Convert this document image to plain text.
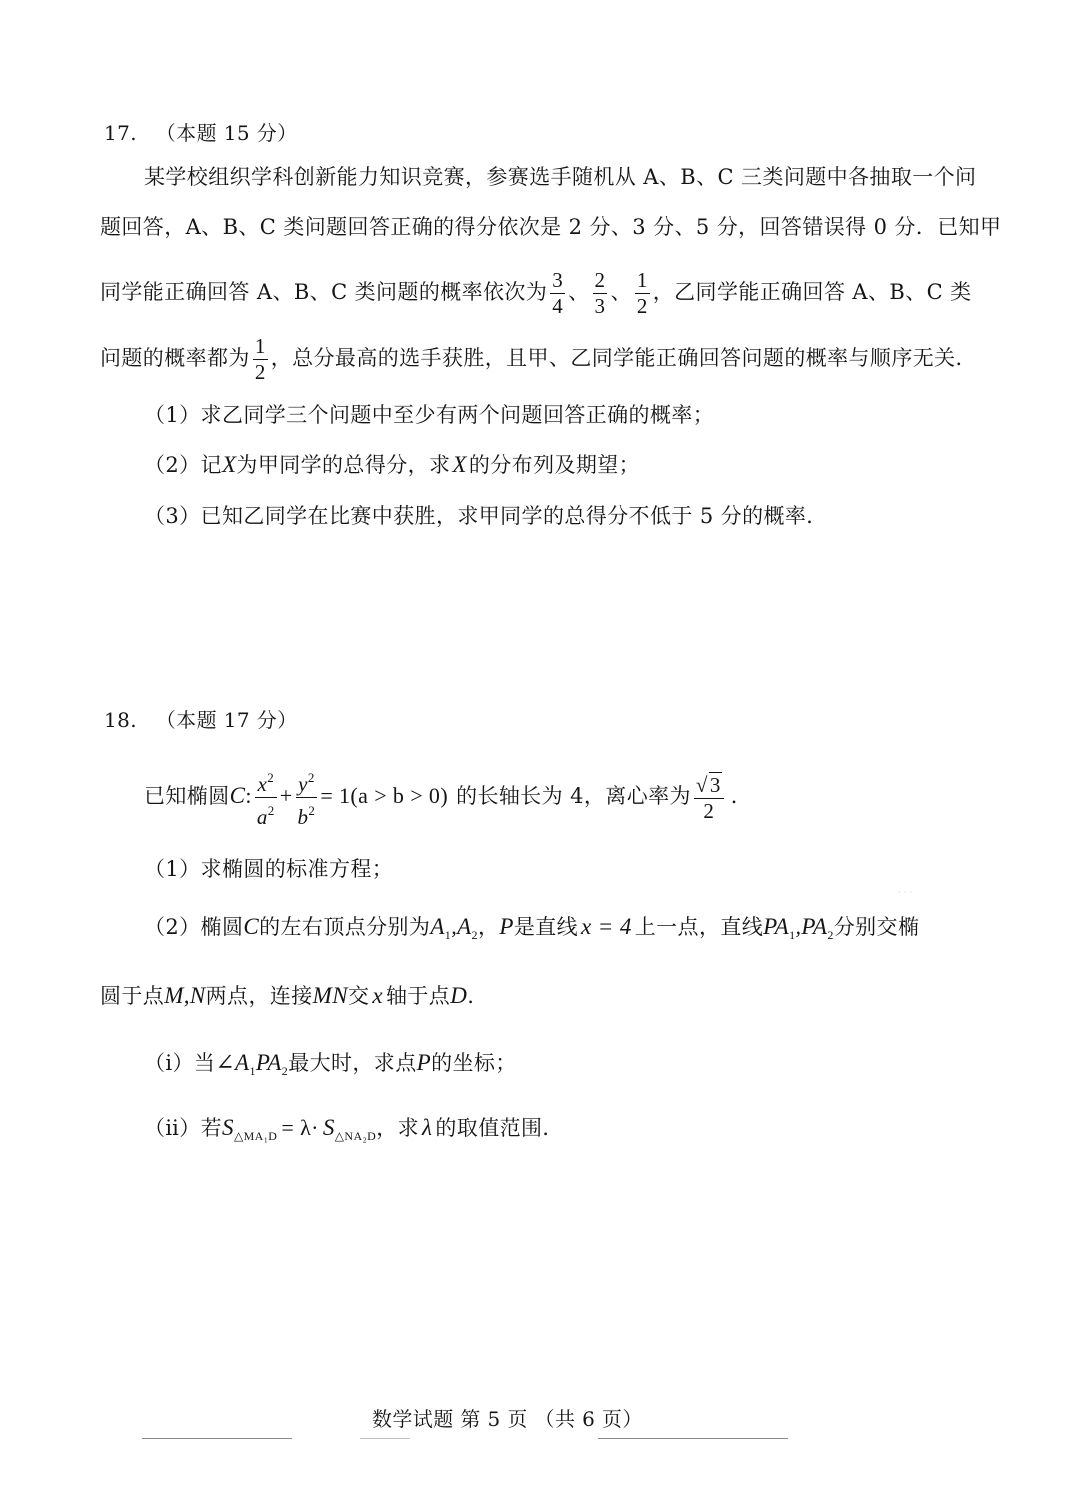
17. （本题 15 分）
某学校组织学科创新能力知识竞赛，参赛选手随机从 A、B、C 三类问题中各抽取一个问
题回答，A、B、C 类问题回答正确的得分依次是 2 分、3 分、5 分，回答错误得 0 分．已知甲
同学能正确回答 A、B、C 类问题的概率依次为 $\frac{3}{4}$ 、 $\frac{2}{3}$ 、 $\frac{1}{2}$ ，乙同学能正确回答 A、B、C 类
问题的概率都为 $\frac{1}{2}$ ，总分最高的选手获胜，且甲、乙同学能正确回答问题的概率与顺序无关．
（1）求乙同学三个问题中至少有两个问题回答正确的概率；
（2）记X为甲同学的总得分，求X的分布列及期望；
（3）已知乙同学在比赛中获胜，求甲同学的总得分不低于 5 分的概率．
18. （本题 17 分）
已知椭圆C: $\frac{x^2}{a^2} + \frac{y^2}{b^2} = 1(a > b > 0)$ 的长轴长为 4，离心率为 $\frac{√3}{2}$ ．
（1）求椭圆的标准方程；
（2）椭圆C的左右顶点分别为$A_1,A_2$，P是直线 x = 4 上一点，直线$PA_1,PA_2$分别交椭
圆于点M,N两点，连接MN交 x 轴于点D.
（ⅰ）当$\angle A_1PA_2$最大时，求点P的坐标；
（ⅱ）若$S_{\triangle MA_1D} = \lambda\cdot S_{\triangle NA_2D}$，求 λ 的取值范围．
数学试题 第 5 页 （共 6 页）
· · ·
